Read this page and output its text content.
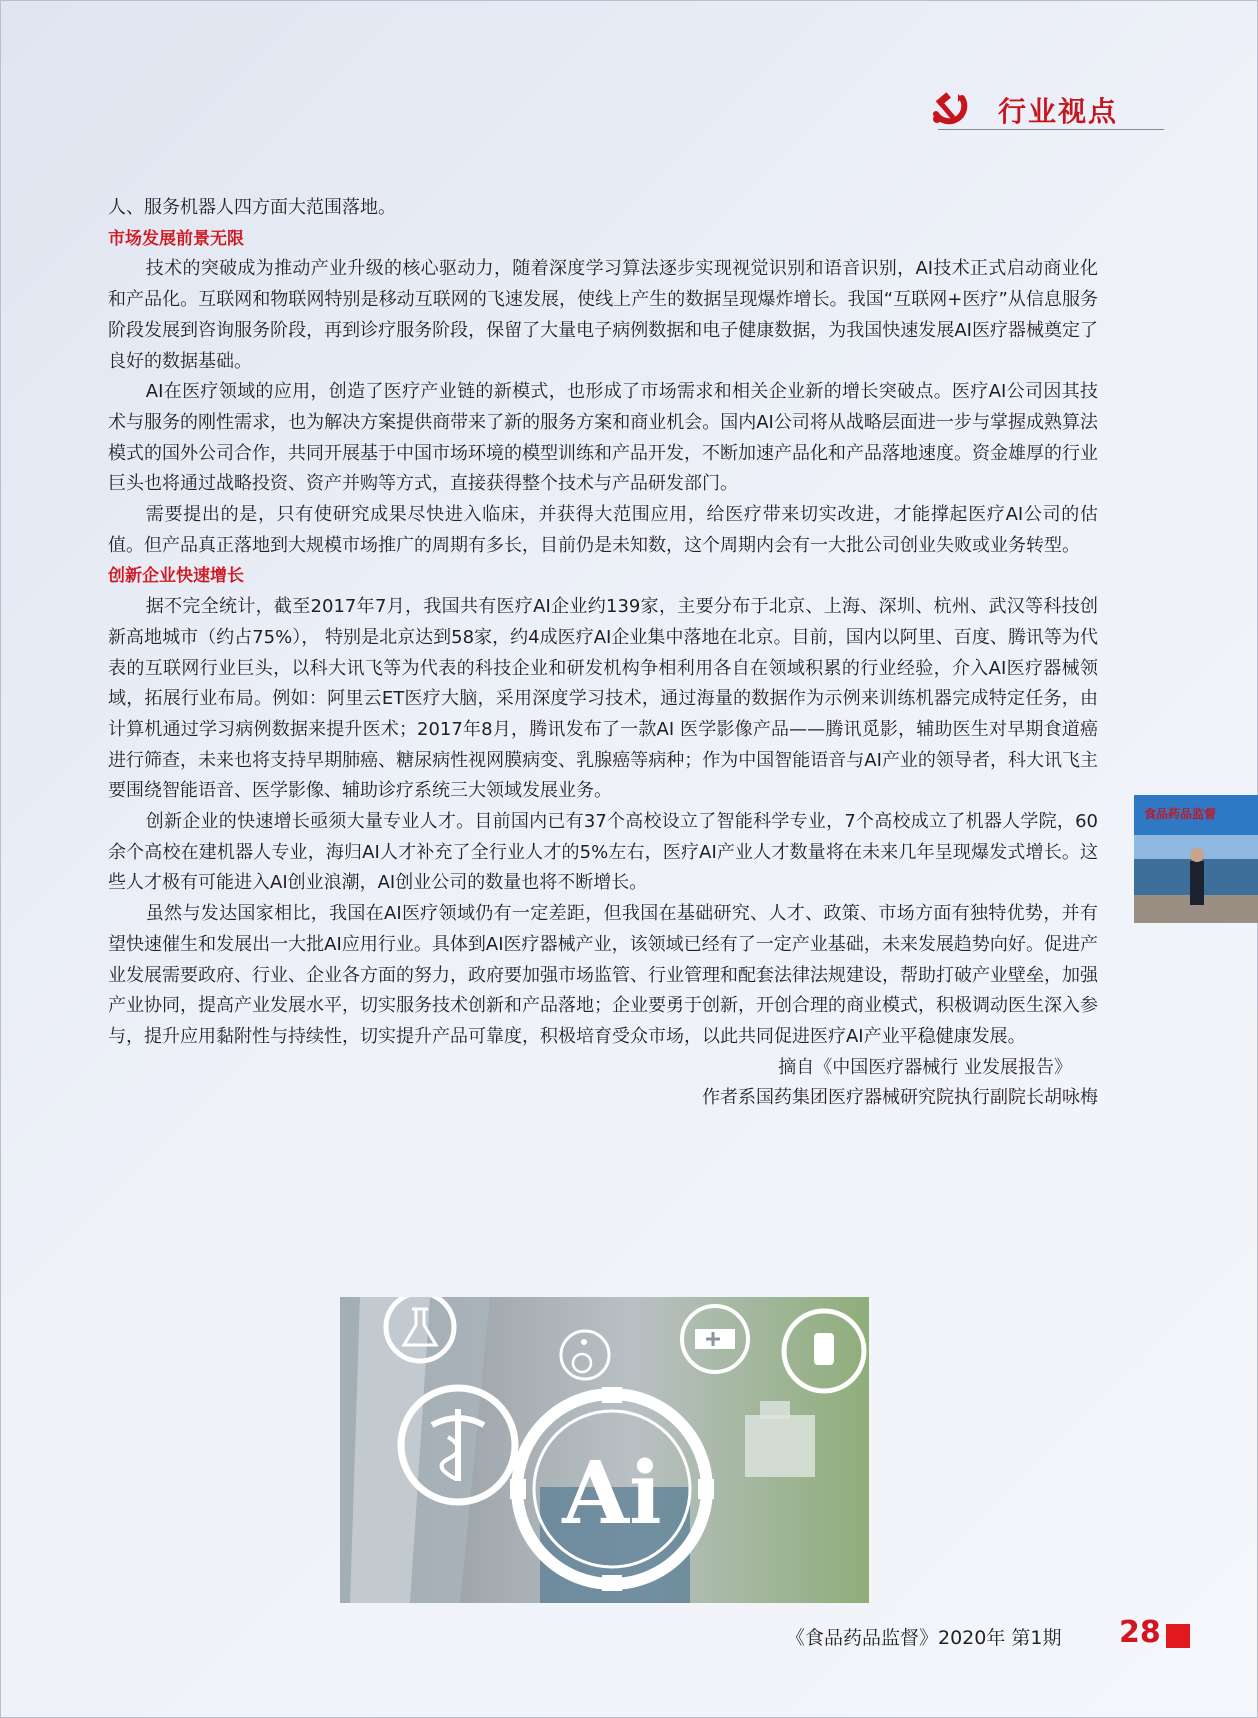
行业视点

人、服务机器人四方面大范围落地。

市场发展前景无限

技术的突破成为推动产业升级的核心驱动力，随着深度学习算法逐步实现视觉识别和语音识别，AI技术正式启动商业化和产品化。互联网和物联网特别是移动互联网的飞速发展，使线上产生的数据呈现爆炸增长。我国“互联网+医疗”从信息服务阶段发展到咨询服务阶段，再到诊疗服务阶段，保留了大量电子病例数据和电子健康数据，为我国快速发展AI医疗器械奠定了良好的数据基础。

AI在医疗领域的应用，创造了医疗产业链的新模式，也形成了市场需求和相关企业新的增长突破点。医疗AI公司因其技术与服务的刚性需求，也为解决方案提供商带来了新的服务方案和商业机会。国内AI公司将从战略层面进一步与掌握成熟算法模式的国外公司合作，共同开展基于中国市场环境的模型训练和产品开发，不断加速产品化和产品落地速度。资金雄厚的行业巨头也将通过战略投资、资产并购等方式，直接获得整个技术与产品研发部门。

需要提出的是，只有使研究成果尽快进入临床，并获得大范围应用，给医疗带来切实改进，才能撑起医疗AI公司的估值。但产品真正落地到大规模市场推广的周期有多长，目前仍是未知数，这个周期内会有一大批公司创业失败或业务转型。

创新企业快速增长

据不完全统计，截至2017年7月，我国共有医疗AI企业约139家，主要分布于北京、上海、深圳、杭州、武汉等科技创新高地城市（约占75%）， 特别是北京达到58家，约4成医疗AI企业集中落地在北京。目前，国内以阿里、百度、腾讯等为代表的互联网行业巨头，以科大讯飞等为代表的科技企业和研发机构争相利用各自在领域积累的行业经验，介入AI医疗器械领域，拓展行业布局。例如：阿里云ET医疗大脑，采用深度学习技术，通过海量的数据作为示例来训练机器完成特定任务，由计算机通过学习病例数据来提升医术；2017年8月，腾讯发布了一款AI 医学影像产品——腾讯觅影，辅助医生对早期食道癌进行筛查，未来也将支持早期肺癌、糖尿病性视网膜病变、乳腺癌等病种；作为中国智能语音与AI产业的领导者，科大讯飞主要围绕智能语音、医学影像、辅助诊疗系统三大领域发展业务。

创新企业的快速增长亟须大量专业人才。目前国内已有37个高校设立了智能科学专业，7个高校成立了机器人学院，60余个高校在建机器人专业，海归AI人才补充了全行业人才的5%左右，医疗AI产业人才数量将在未来几年呈现爆发式增长。这些人才极有可能进入AI创业浪潮，AI创业公司的数量也将不断增长。

虽然与发达国家相比，我国在AI医疗领域仍有一定差距，但我国在基础研究、人才、政策、市场方面有独特优势，并有望快速催生和发展出一大批AI应用行业。具体到AI医疗器械产业，该领域已经有了一定产业基础，未来发展趋势向好。促进产业发展需要政府、行业、企业各方面的努力，政府要加强市场监管、行业管理和配套法律法规建设，帮助打破产业壁垒，加强产业协同，提高产业发展水平，切实服务技术创新和产品落地；企业要勇于创新，开创合理的商业模式，积极调动医生深入参与，提升应用黏附性与持续性，切实提升产品可靠度，积极培育受众市场，以此共同促进医疗AI产业平稳健康发展。

摘自《中国医疗器械行 业发展报告》

作者系国药集团医疗器械研究院执行副院长胡咏梅

Ai
食品药品监督
《食品药品监督》2020年 第1期 28
